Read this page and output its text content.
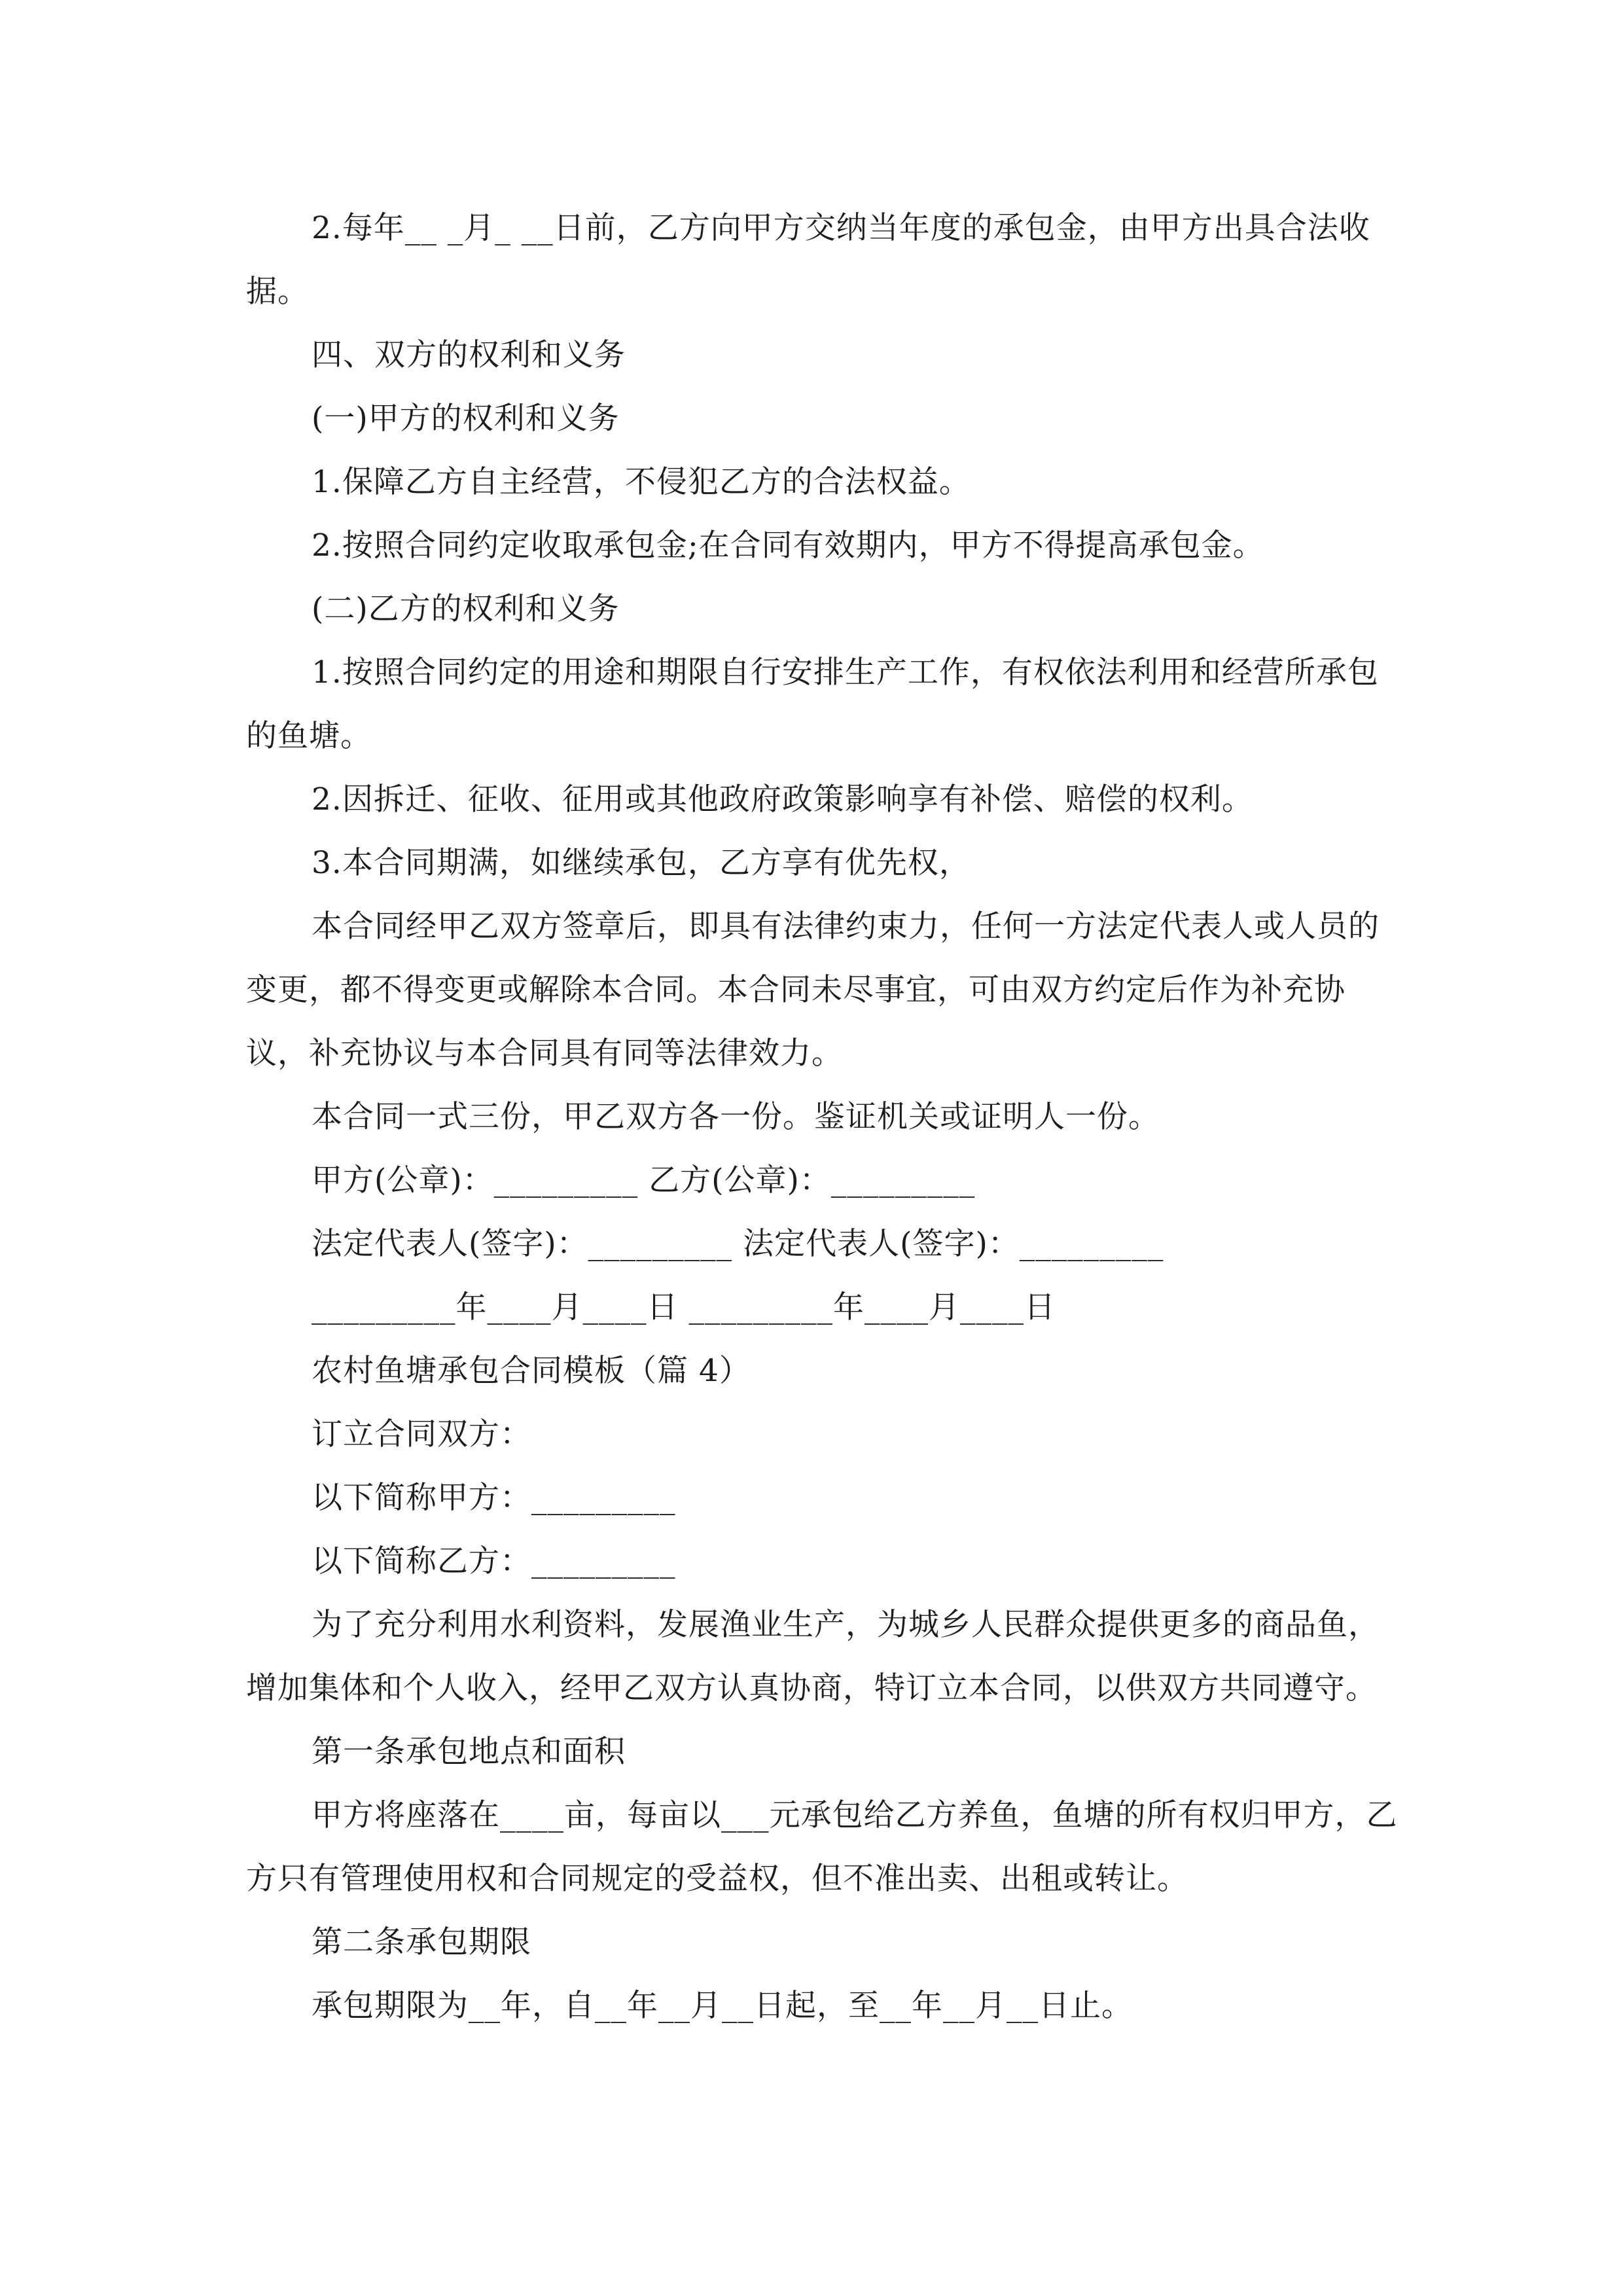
2.每年__ _月_ __日前，乙方向甲方交纳当年度的承包金，由甲方出具合法收据。

四、双方的权利和义务

(一)甲方的权利和义务

1.保障乙方自主经营，不侵犯乙方的合法权益。

2.按照合同约定收取承包金;在合同有效期内，甲方不得提高承包金。

(二)乙方的权利和义务

1.按照合同约定的用途和期限自行安排生产工作，有权依法利用和经营所承包的鱼塘。

2.因拆迁、征收、征用或其他政府政策影响享有补偿、赔偿的权利。

3.本合同期满，如继续承包，乙方享有优先权，

本合同经甲乙双方签章后，即具有法律约束力，任何一方法定代表人或人员的变更，都不得变更或解除本合同。本合同未尽事宜，可由双方约定后作为补充协议，补充协议与本合同具有同等法律效力。

本合同一式三份，甲乙双方各一份。鉴证机关或证明人一份。

甲方(公章)：_________ 乙方(公章)：_________

法定代表人(签字)：_________ 法定代表人(签字)：_________

_________年____月____日 _________年____月____日

农村鱼塘承包合同模板（篇 4）

订立合同双方：

以下简称甲方：_________

以下简称乙方：_________

为了充分利用水利资料，发展渔业生产，为城乡人民群众提供更多的商品鱼，增加集体和个人收入，经甲乙双方认真协商，特订立本合同，以供双方共同遵守。

第一条承包地点和面积

甲方将座落在____亩，每亩以___元承包给乙方养鱼，鱼塘的所有权归甲方，乙方只有管理使用权和合同规定的受益权，但不准出卖、出租或转让。

第二条承包期限

承包期限为__年，自__年__月__日起，至__年__月__日止。
